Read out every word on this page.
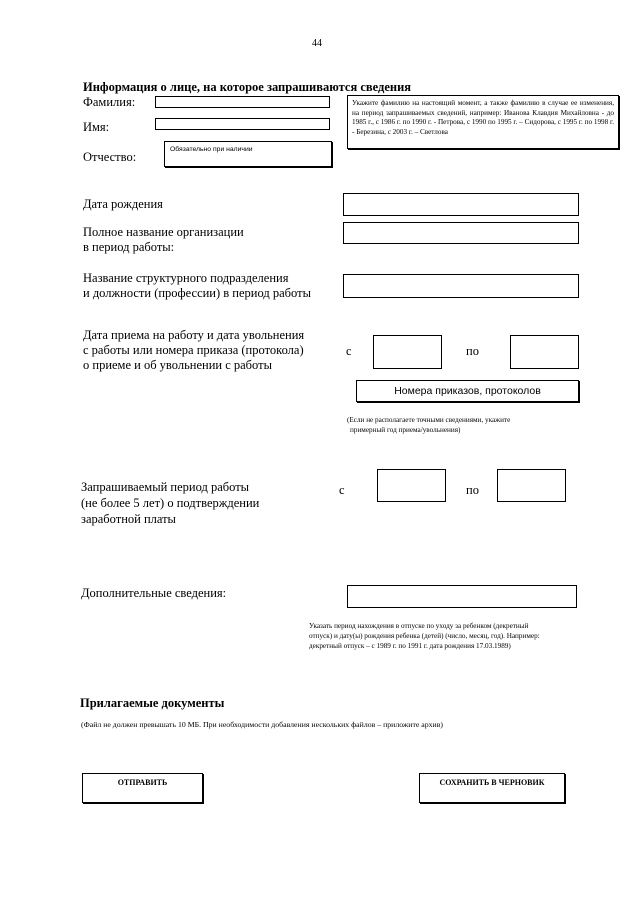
44
Информация о лице, на которое запрашиваются сведения
Фамилия:
Имя:
Отчество:
Обязательно при наличии
Укажите фамилию на настоящий момент, а также фамилию в случае ее изменения, на период запрашиваемых сведений, например: Иванова Клавдия Михайловна - до 1985 г., с 1986 г. по 1990 г. - Петрова, с 1990 по 1995 г. – Сидорова, с 1995 г. по 1998 г. - Березина, с 2003 г. – Светлова
Дата рождения
Полное название организации
в период работы:
Название структурного подразделения
и должности (профессии) в период работы
Дата приема на работу и дата увольнения
с работы или номера приказа (протокола)
о приеме и об увольнении с работы
с	по
Номера приказов, протоколов
(Если не располагаете точными сведениями, укажите
примерный год приема/увольнения)
Запрашиваемый период работы
(не более 5 лет) о подтверждении
заработной платы
с	по
Дополнительные сведения:
Указать период нахождения в отпуске по уходу за ребенком (декретный
отпуск) и дату(ы) рождения ребенка (детей) (число, месяц, год). Например:
декретный отпуск – с 1989 г. по 1991 г. дата рождения 17.03.1989)
Прилагаемые документы
(Файл не должен превышать 10 МБ. При необходимости добавления нескольких файлов – приложите архив)
ОТПРАВИТЬ	СОХРАНИТЬ В ЧЕРНОВИК
